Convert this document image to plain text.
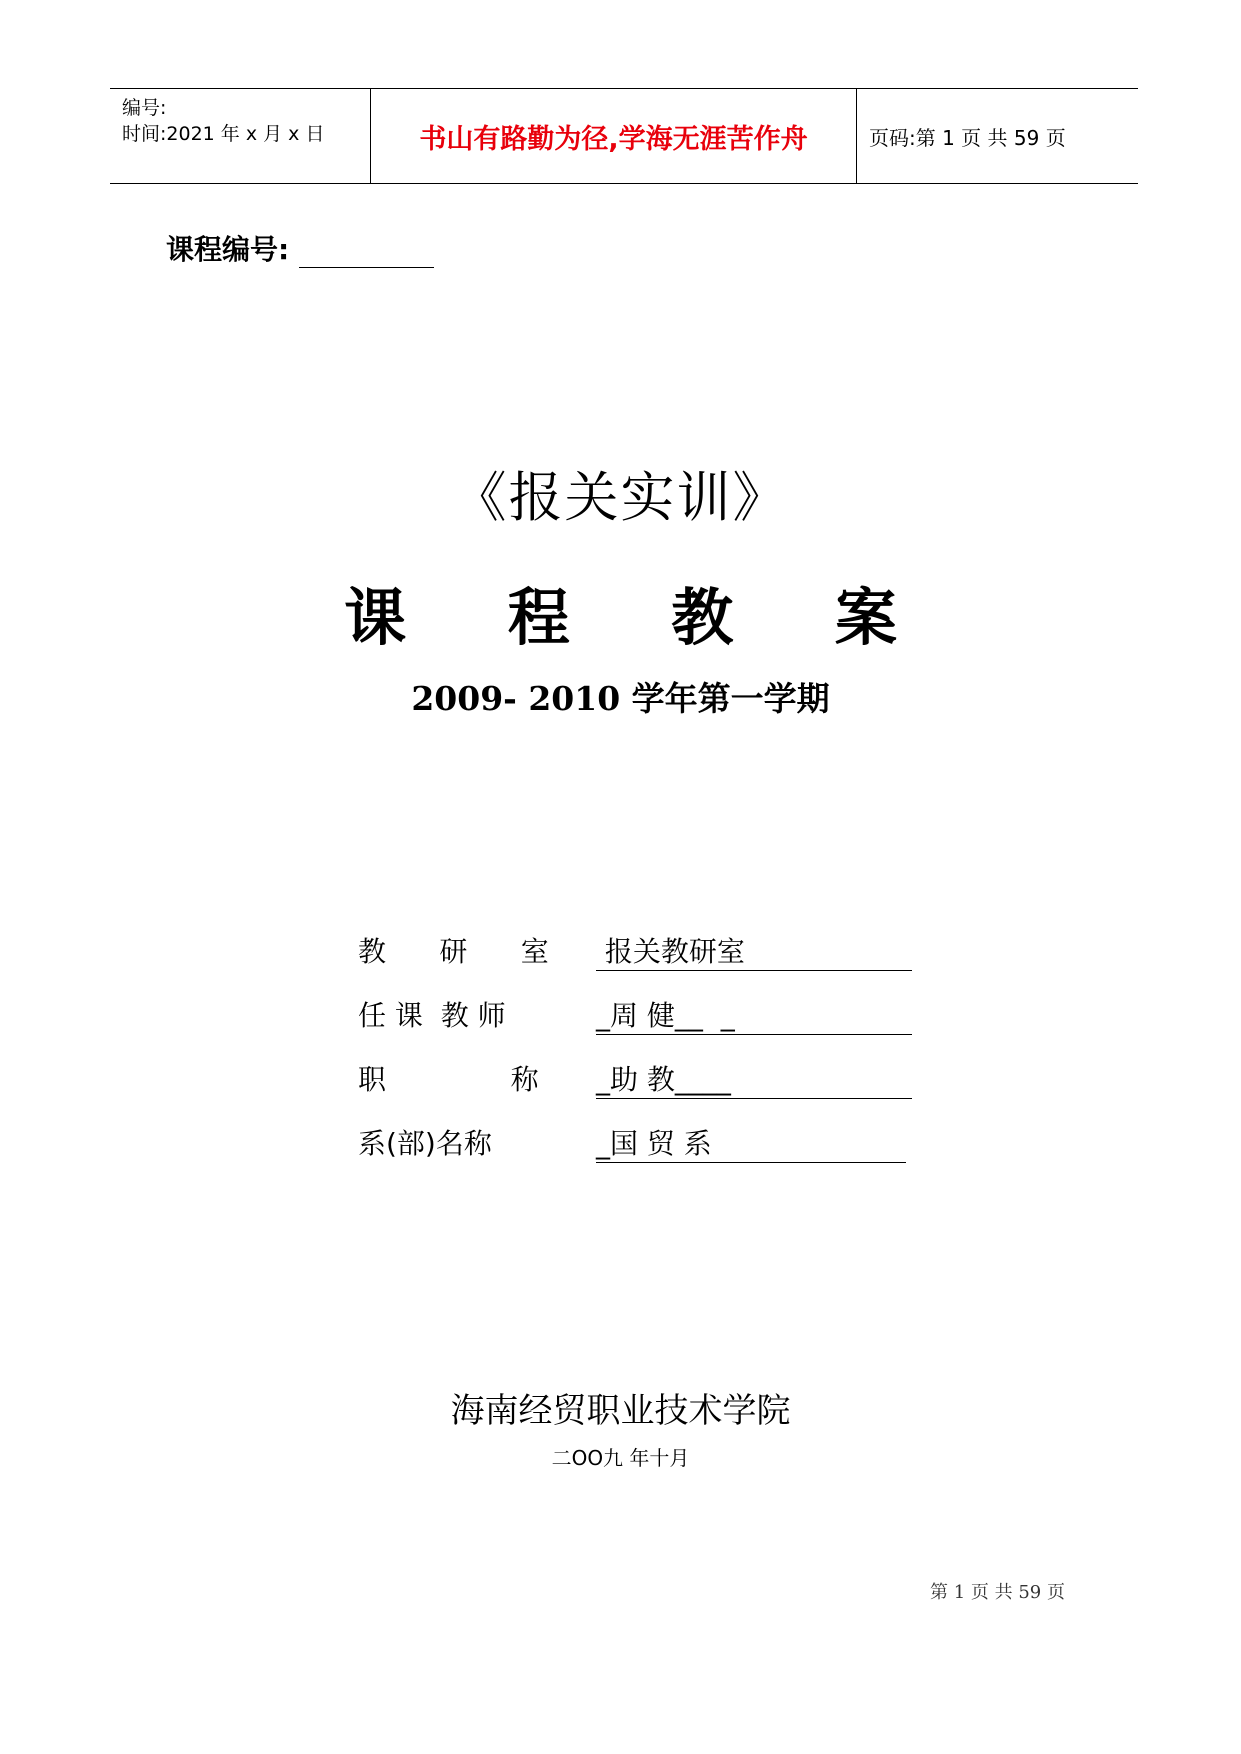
编号:
时间:2021 年 x 月 x 日	书山有路勤为径,学海无涯苦作舟	页码:第 1 页 共 59 页
课程编号:
《报关实训》
课 程 教 案
2009- 2010 学年第一学期
教      研      室 报关教研室
任 课  教 师	_周 健__  _
职              称	_助 教____
系(部)名称	_国 贸 系
海南经贸职业技术学院
二OO九 年十月
第 1 页 共 59 页
